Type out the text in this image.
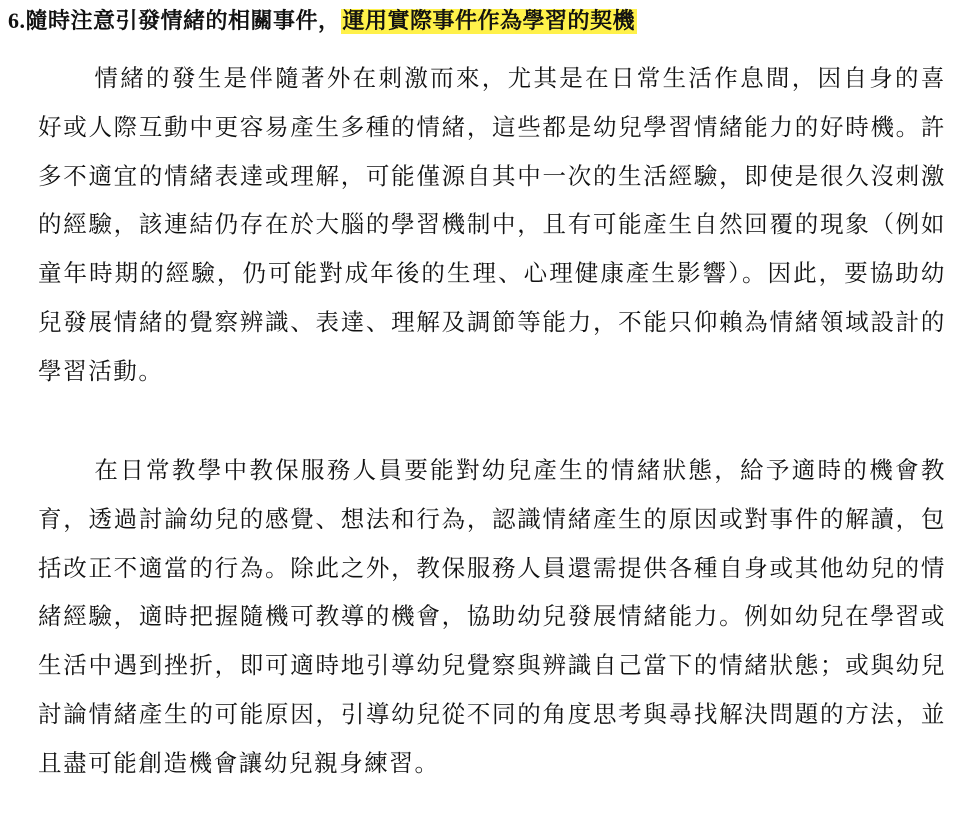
6.隨時注意引發情緒的相關事件，運用實際事件作為學習的契機

情緒的發生是伴隨著外在刺激而來，尤其是在日常生活作息間，因自身的喜好或人際互動中更容易產生多種的情緒，這些都是幼兒學習情緒能力的好時機。許多不適宜的情緒表達或理解，可能僅源自其中一次的生活經驗，即使是很久沒刺激的經驗，該連結仍存在於大腦的學習機制中，且有可能產生自然回覆的現象（例如童年時期的經驗，仍可能對成年後的生理、心理健康產生影響）。因此，要協助幼兒發展情緒的覺察辨識、表達、理解及調節等能力，不能只仰賴為情緒領域設計的學習活動。

在日常教學中教保服務人員要能對幼兒產生的情緒狀態，給予適時的機會教育，透過討論幼兒的感覺、想法和行為，認識情緒產生的原因或對事件的解讀，包括改正不適當的行為。除此之外，教保服務人員還需提供各種自身或其他幼兒的情緒經驗，適時把握隨機可教導的機會，協助幼兒發展情緒能力。例如幼兒在學習或生活中遇到挫折，即可適時地引導幼兒覺察與辨識自己當下的情緒狀態；或與幼兒討論情緒產生的可能原因，引導幼兒從不同的角度思考與尋找解決問題的方法，並且盡可能創造機會讓幼兒親身練習。
